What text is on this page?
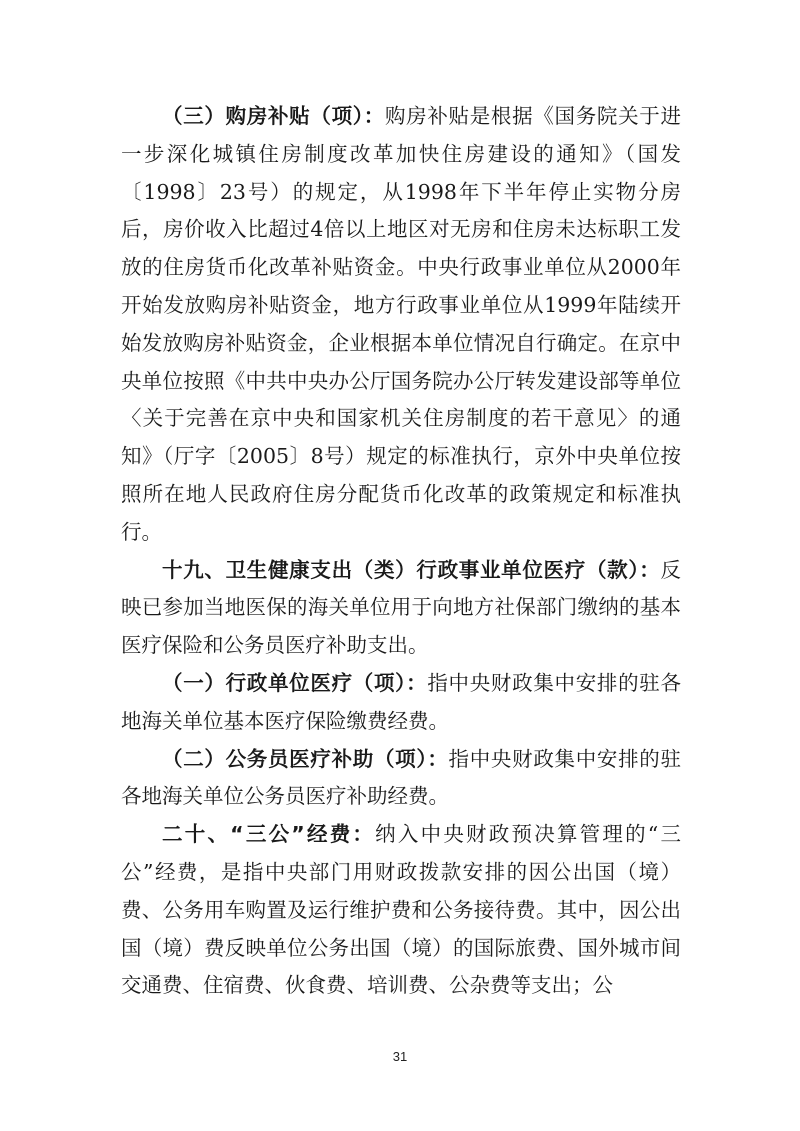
（三）购房补贴（项）：购房补贴是根据《国务院关于进一步深化城镇住房制度改革加快住房建设的通知》（国发〔1998〕23号）的规定，从1998年下半年停止实物分房后，房价收入比超过4倍以上地区对无房和住房未达标职工发放的住房货币化改革补贴资金。中央行政事业单位从2000年开始发放购房补贴资金，地方行政事业单位从1999年陆续开始发放购房补贴资金，企业根据本单位情况自行确定。在京中央单位按照《中共中央办公厅国务院办公厅转发建设部等单位〈关于完善在京中央和国家机关住房制度的若干意见〉的通知》（厅字〔2005〕8号）规定的标准执行，京外中央单位按照所在地人民政府住房分配货币化改革的政策规定和标准执行。

十九、卫生健康支出（类）行政事业单位医疗（款）：反映已参加当地医保的海关单位用于向地方社保部门缴纳的基本医疗保险和公务员医疗补助支出。

（一）行政单位医疗（项）：指中央财政集中安排的驻各地海关单位基本医疗保险缴费经费。

（二）公务员医疗补助（项）：指中央财政集中安排的驻各地海关单位公务员医疗补助经费。

二十、“三公”经费：纳入中央财政预决算管理的“三公”经费，是指中央部门用财政拨款安排的因公出国（境）费、公务用车购置及运行维护费和公务接待费。其中，因公出国（境）费反映单位公务出国（境）的国际旅费、国外城市间交通费、住宿费、伙食费、培训费、公杂费等支出；公

31
